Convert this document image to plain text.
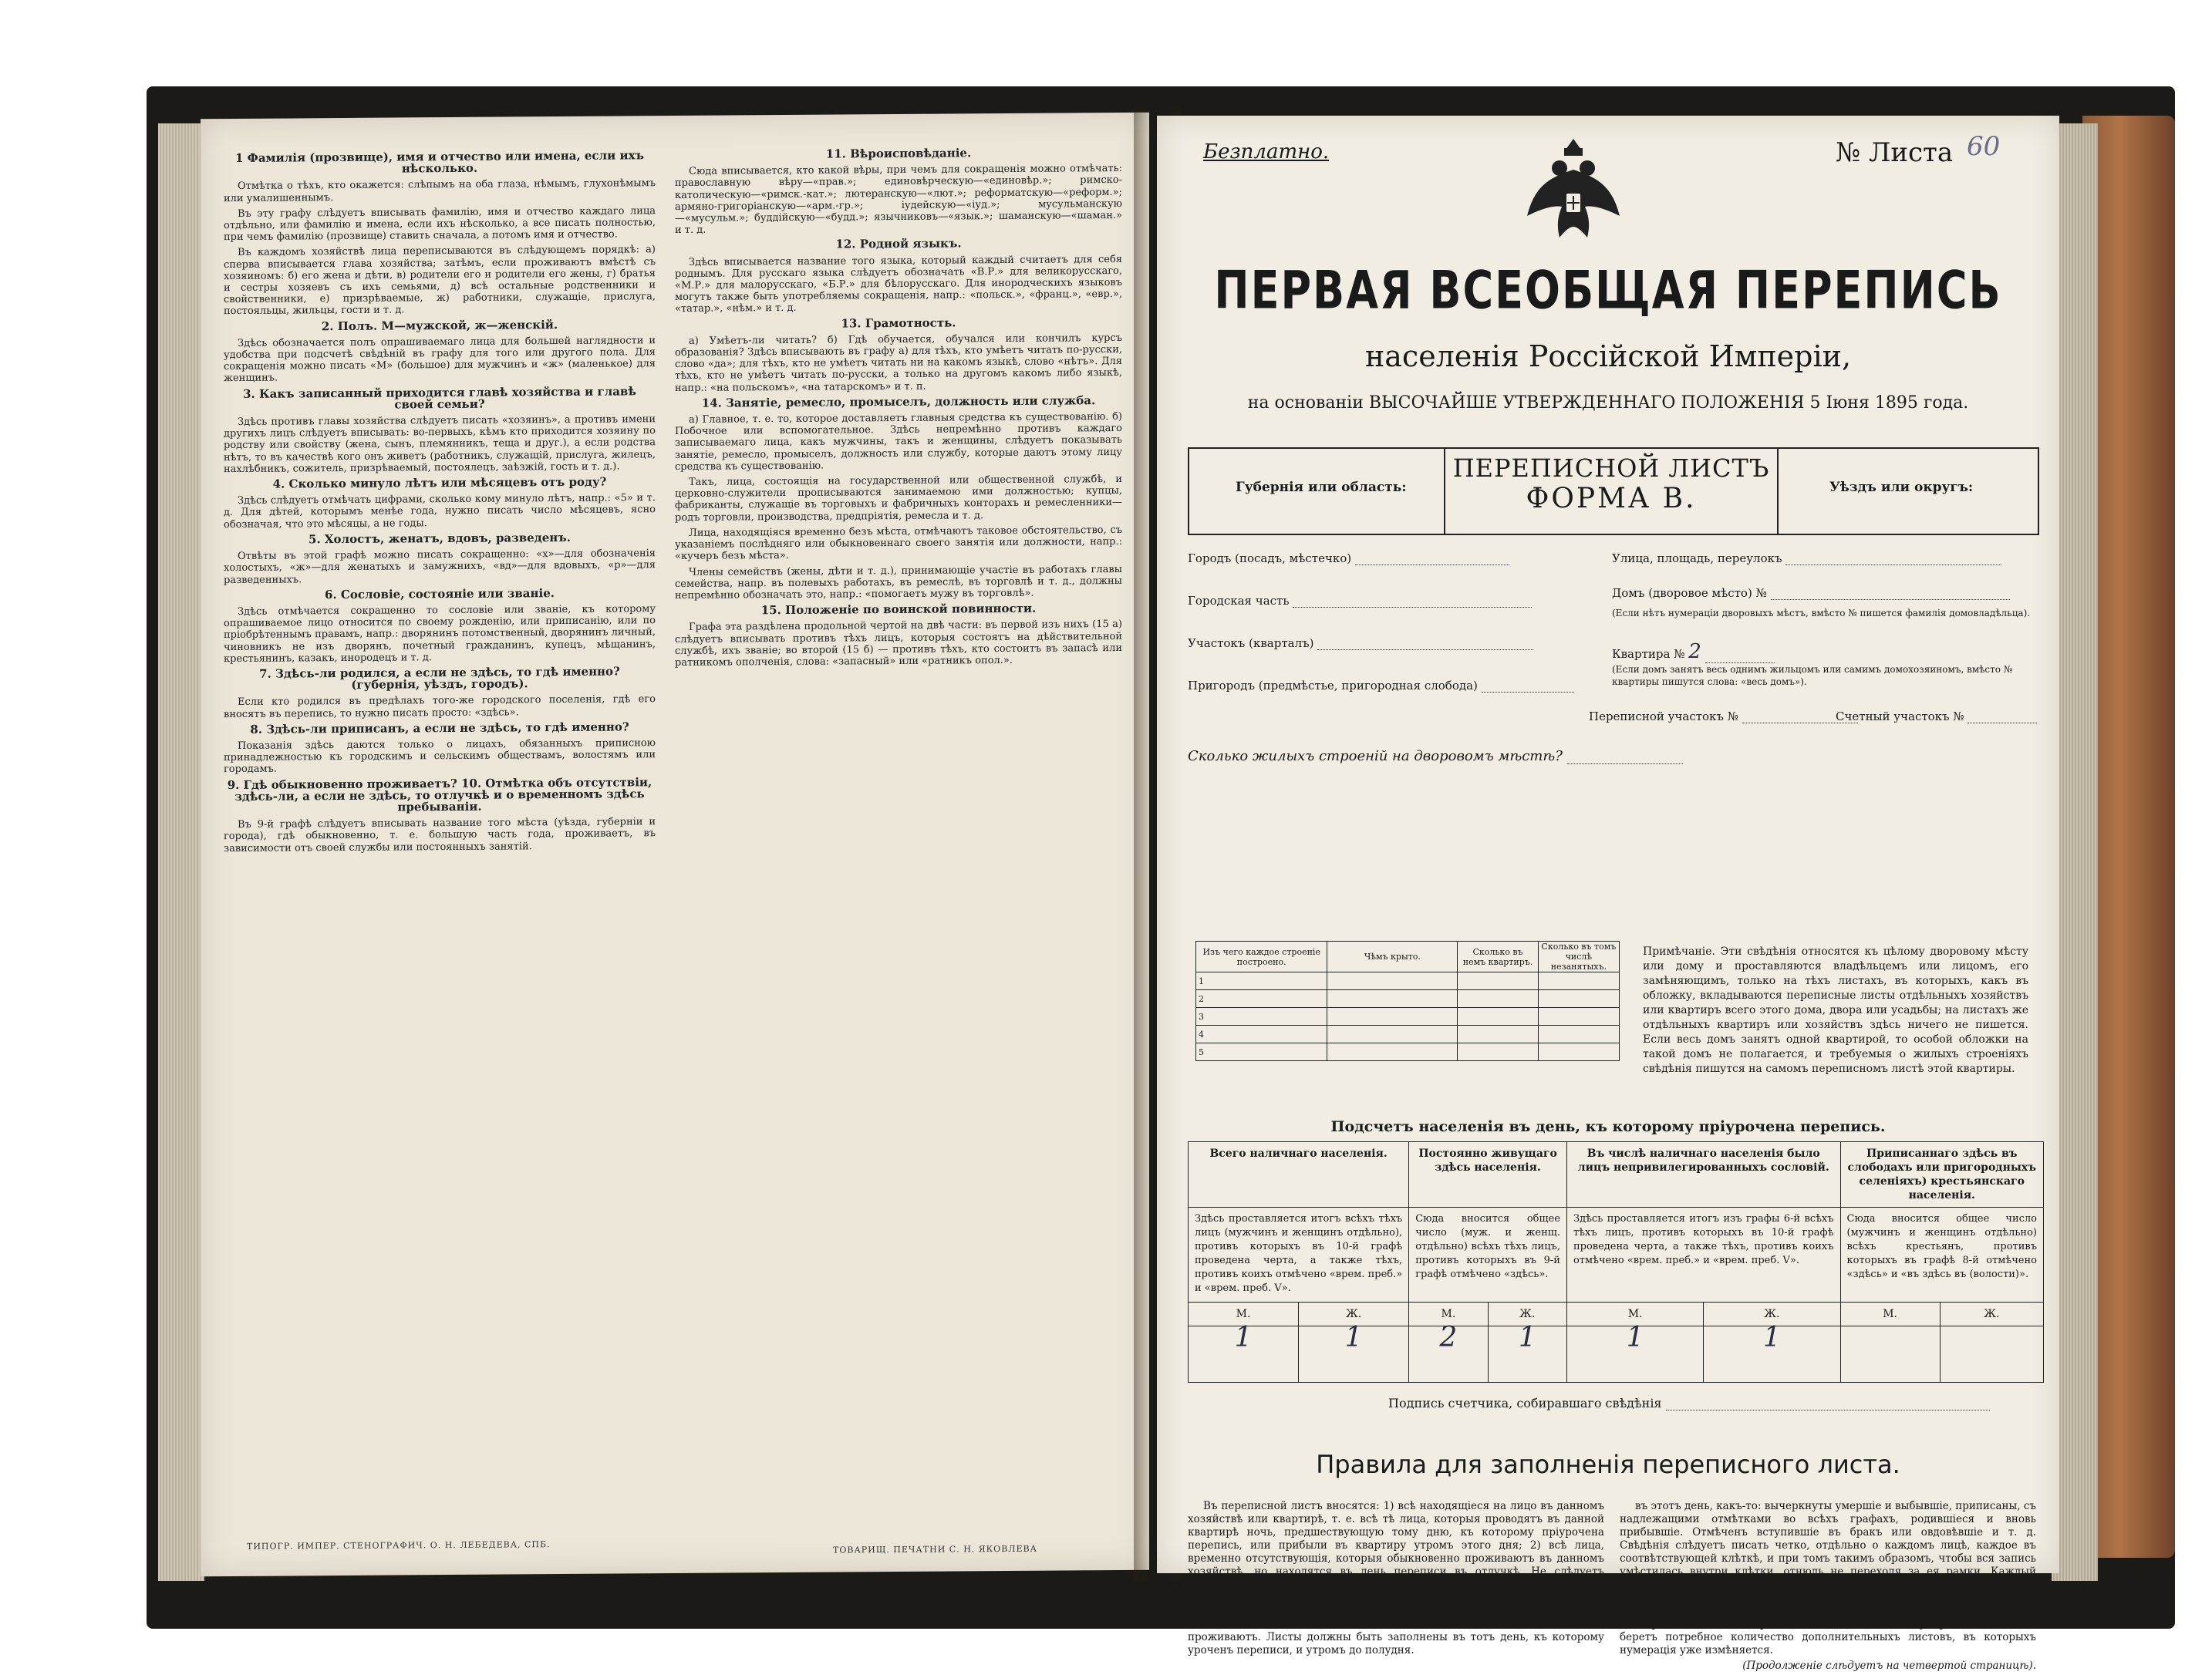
1 Фамилія (прозвище), имя и отчество или имена, если ихъ нѣсколько.

Отмѣтка о тѣхъ, кто окажется: слѣпымъ на оба глаза, нѣмымъ, глухонѣмымъ или умалишеннымъ.

Въ эту графу слѣдуетъ вписывать фамилію, имя и отчество каждаго лица отдѣльно, или фамилію и имена, если ихъ нѣсколько, а все писать полностью, при чемъ фамилію (прозвище) ставить сначала, а потомъ имя и отчество.

Въ каждомъ хозяйствѣ лица переписываются въ слѣдующемъ порядкѣ: а) сперва вписывается глава хозяйства; затѣмъ, если проживаютъ вмѣстѣ съ хозяиномъ: б) его жена и дѣти, в) родители его и родители его жены, г) братья и сестры хозяевъ съ ихъ семьями, д) всѣ остальные родственники и свойственники, е) призрѣваемые, ж) работники, служащіе, прислуга, постояльцы, жильцы, гости и т. д.

2. Полъ. М—мужской, ж—женскій.

Здѣсь обозначается полъ опрашиваемаго лица для большей наглядности и удобства при подсчетѣ свѣдѣній въ графу для того или другого пола. Для сокращенія можно писать «М» (большое) для мужчинъ и «ж» (маленькое) для женщинъ.

3. Какъ записанный приходится главѣ хозяйства и главѣ своей семьи?

Здѣсь противъ главы хозяйства слѣдуетъ писать «хозяинъ», а противъ имени другихъ лицъ слѣдуетъ вписывать: во-первыхъ, кѣмъ кто приходится хозяину по родству или свойству (жена, сынъ, племянникъ, теща и друг.), а если родства нѣтъ, то въ качествѣ кого онъ живетъ (работникъ, служащій, прислуга, жилецъ, нахлѣбникъ, сожитель, призрѣваемый, постоялецъ, заѣзжій, гость и т. д.).

4. Сколько минуло лѣтъ или мѣсяцевъ отъ роду?

Здѣсь слѣдуетъ отмѣчать цифрами, сколько кому минуло лѣтъ, напр.: «5» и т. д. Для дѣтей, которымъ менѣе года, нужно писать число мѣсяцевъ, ясно обозначая, что это мѣсяцы, а не годы.

5. Холостъ, женатъ, вдовъ, разведенъ.

Отвѣты въ этой графѣ можно писать сокращенно: «х»—для обозначенія холостыхъ, «ж»—для женатыхъ и замужнихъ, «вд»—для вдовыхъ, «р»—для разведенныхъ.

6. Сословіе, состояніе или званіе.

Здѣсь отмѣчается сокращенно то сословіе или званіе, къ которому опрашиваемое лицо относится по своему рожденію, или приписанію, или по пріобрѣтеннымъ правамъ, напр.: дворянинъ потомственный, дворянинъ личный, чиновникъ не изъ дворянъ, почетный гражданинъ, купецъ, мѣщанинъ, крестьянинъ, казакъ, инородецъ и т. д.

7. Здѣсь-ли родился, а если не здѣсь, то гдѣ именно? (губернія, уѣздъ, городъ).

Если кто родился въ предѣлахъ того-же городского поселенія, гдѣ его вносятъ въ перепись, то нужно писать просто: «здѣсь».

8. Здѣсь-ли приписанъ, а если не здѣсь, то гдѣ именно?

Показанія здѣсь даются только о лицахъ, обязанныхъ приписною принадлежностью къ городскимъ и сельскимъ обществамъ, волостямъ или городамъ.

9. Гдѣ обыкновенно проживаетъ? 10. Отмѣтка объ отсутствіи, здѣсь-ли, а если не здѣсь, то отлучкѣ и о временномъ здѣсь пребываніи.

Въ 9-й графѣ слѣдуетъ вписывать название того мѣста (уѣзда, губерніи и города), гдѣ обыкновенно, т. е. большую часть года, проживаетъ, въ зависимости отъ своей службы или постоянныхъ занятій.

ТИПОГР. ИМПЕР. СТЕНОГРАФИЧ. О. Н. ЛЕБЕДЕВА, СПБ.
11. Вѣроисповѣданіе.

Сюда вписывается, кто какой вѣры, при чемъ для сокращенія можно отмѣчать: православную вѣру—«прав.»; единовѣрческую—«единовѣр.»; римско-католическую—«римск.-кат.»; лютеранскую—«лют.»; реформатскую—«реформ.»; армяно-григоріанскую—«арм.-гр.»; іудейскую—«іуд.»; мусульманскую—«мусульм.»; буддійскую—«будд.»; язычниковъ—«язык.»; шаманскую—«шаман.» и т. д.

12. Родной языкъ.

Здѣсь вписывается название того языка, который каждый считаетъ для себя роднымъ. Для русскаго языка слѣдуетъ обозначать «В.Р.» для великорусскаго, «М.Р.» для малорусскаго, «Б.Р.» для бѣлорусскаго. Для инородческихъ языковъ могутъ также быть употребляемы сокращенія, напр.: «польск.», «франц.», «евр.», «татар.», «нѣм.» и т. д.

13. Грамотность.

а) Умѣетъ-ли читать? б) Гдѣ обучается, обучался или кончилъ курсъ образованія? Здѣсь вписывають въ графу а) для тѣхъ, кто умѣетъ читать по-русски, слово «да»; для тѣхъ, кто не умѣетъ читать ни на какомъ языкѣ, слово «нѣтъ». Для тѣхъ, кто не умѣетъ читать по-русски, а только на другомъ какомъ либо языкѣ, напр.: «на польскомъ», «на татарскомъ» и т. п.

14. Занятіе, ремесло, промыселъ, должность или служба.

а) Главное, т. е. то, которое доставляетъ главныя средства къ существованію. б) Побочное или вспомогательное. Здѣсь непремѣнно противъ каждаго записываемаго лица, какъ мужчины, такъ и женщины, слѣдуетъ показывать занятіе, ремесло, промыселъ, должность или службу, которые даютъ этому лицу средства къ существованію.

Такъ, лица, состоящія на государственной или общественной службѣ, и церковно-служители прописываются занимаемою ими должностью; купцы, фабриканты, служащіе въ торговыхъ и фабричныхъ конторахъ и ремесленники—родъ торговли, производства, предпріятія, ремесла и т. д.

Лица, находящіяся временно безъ мѣста, отмѣчаютъ таковое обстоятельство, съ указаніемъ послѣдняго или обыкновеннаго своего занятія или должности, напр.: «кучеръ безъ мѣста».

Члены семействъ (жены, дѣти и т. д.), принимающіе участіе въ работахъ главы семейства, напр. въ полевыхъ работахъ, въ ремеслѣ, въ торговлѣ и т. д., должны непремѣнно обозначать это, напр.: «помогаетъ мужу въ торговлѣ».

15. Положеніе по воинской повинности.

Графа эта раздѣлена продольной чертой на двѣ части: въ первой изъ нихъ (15 а) слѣдуетъ вписывать противъ тѣхъ лицъ, которыя состоятъ на дѣйствительной службѣ, ихъ званіе; во второй (15 б) — противъ тѣхъ, кто состоитъ въ запасѣ или ратникомъ ополченія, слова: «запасный» или «ратникъ опол.».

ТОВАРИЩ. ПЕЧАТНИ С. Н. ЯКОВЛЕВА
Безплатно.	№ Листа 60
ПЕРВАЯ ВСЕОБЩАЯ ПЕРЕПИСЬ
населенія Россійской Имперіи,
на основаніи ВЫСОЧАЙШЕ УТВЕРЖДЕННАГО ПОЛОЖЕНІЯ 5 Іюня 1895 года.
Губернія или область:
ПЕРЕПИСНОЙ ЛИСТЪ
ФОРМА В.	Уѣздъ или округъ:
Городъ (посадъ, мѣстечко)
Городская часть
Участокъ (кварталъ)
Пригородъ (предмѣстье, пригородная слобода)
Улица, площадь, переулокъ
Домъ (дворовое мѣсто) №
(Если нѣтъ нумераціи дворовыхъ мѣстъ, вмѣсто № пишется фамилія домовладѣльца).
Квартира № 2
(Если домъ занятъ весь однимъ жильцомъ или самимъ домохозяиномъ, вмѣсто № квартиры пишутся слова: «весь домъ»).
Переписной участокъ №	Счетный участокъ №
Сколько жилыхъ строеній на дворовомъ мѣстѣ?
Изъ чего каждое строеніе построено.	Чѣмъ крыто.	Сколько въ немъ квартиръ.	Сколько въ томъ числѣ незанятыхъ.
1			
2			
3			
4			
5			
Примѣчаніе. Эти свѣдѣнія относятся къ цѣлому дворовому мѣсту или дому и проставляются владѣльцемъ или лицомъ, его замѣняющимъ, только на тѣхъ листахъ, въ которыхъ, какъ въ обложку, вкладываются переписные листы отдѣльныхъ хозяйствъ или квартиръ всего этого дома, двора или усадьбы; на листахъ же отдѣльныхъ квартиръ или хозяйствъ здѣсь ничего не пишется. Если весь домъ занятъ одной квартирой, то особой обложки на такой домъ не полагается, и требуемыя о жилыхъ строеніяхъ свѣдѣнія пишутся на самомъ переписномъ листѣ этой квартиры.
Подсчетъ населенія въ день, къ которому пріурочена перепись.
Всего наличнаго населенія.		Постоянно живущаго здѣсь населенія.		Въ числѣ наличнаго населенія было лицъ непривилегированныхъ сословій.		Приписаннаго здѣсь въ слободахъ или пригородныхъ селеніяхъ) крестьянскаго населенія.	
Здѣсь проставляется итогъ всѣхъ тѣхъ лицъ (мужчинъ и женщинъ отдѣльно), противъ которыхъ въ 10-й графѣ проведена черта, а также тѣхъ, противъ коихъ отмѣчено «врем. преб.» и «врем. преб. V».		Сюда вносится общее число (муж. и женщ. отдѣльно) всѣхъ тѣхъ лицъ, противъ которыхъ въ 9-й графѣ отмѣчено «здѣсь».		Здѣсь проставляется итогъ изъ графы 6-й всѣхъ тѣхъ лицъ, противъ которыхъ въ 10-й графѣ проведена черта, а также тѣхъ, противъ коихъ отмѣчено «врем. преб.» и «врем. преб. V».		Сюда вносится общее число (мужчинъ и женщинъ отдѣльно) всѣхъ крестьянъ, противъ которыхъ въ графѣ 8-й отмѣчено «здѣсь» и «въ здѣсь въ (волости)».	
М.	Ж.	М.	Ж.	М.	Ж.	М.	Ж.
1	1	2	1	1	1		
Подпись счетчика, собиравшаго свѣдѣнія
Правила для заполненія переписного листа.

Въ переписной листъ вносятся: 1) всѣ находящіеся на лицо въ данномъ хозяйствѣ или квартирѣ, т. е. всѣ тѣ лица, которыя проводятъ въ данной квартирѣ ночь, предшествующую тому дню, къ которому пріурочена перепись, или прибыли въ квартиру утромъ этого дня; 2) всѣ лица, временно отсутствующія, которыя обыкновенно проживаютъ въ данномъ хозяйствѣ, но находятся въ день переписи въ отлучкѣ. Не слѣдуетъ записывать только тѣхъ лицъ, которыя обыкновенно проживаютъ въ другихъ мѣстахъ, но находятся здѣсь временно. Эти правила относятся какъ къ лицамъ обоего пола, такъ и къ дѣтямъ всѣхъ возрастовъ. Подобныя лица должны быть записаны тамъ, гдѣ они обыкновенно проживаютъ. Листы должны быть заполнены въ тотъ день, къ которому уроченъ переписи, и утромъ до полудня.

въ этотъ день, какъ-то: вычеркнуты умершіе и выбывшіе, приписаны, съ надлежащими отмѣтками во всѣхъ графахъ, родившіеся и вновь прибывшіе. Отмѣченъ вступившіе въ бракъ или овдовѣвшіе и т. д. Свѣдѣнія слѣдуетъ писать четко, отдѣльно о каждомъ лицѣ, каждое въ соотвѣтствующей клѣткѣ, и при томъ такимъ образомъ, чтобы вся запись умѣстилась внутри клѣтки, отнюдь не переходя за ея рамки. Каждый листъ предназначенъ для записыванія свѣдѣній о десяти (10) лицахъ; если число лицъ, находящихся въ хозяйствѣ или квартирѣ, менѣе 10, то оставшіяся въ первой графѣ свободные №№ зачеркиваются; если же, наоборотъ, число лицъ, принадлежащихъ къ хозяйству, превышаетъ 10, то беретъ потребное количество дополнительныхъ листовъ, въ которыхъ нумерація уже измѣняется.

(Продолженіе слѣдуетъ на четвертой страницѣ).
